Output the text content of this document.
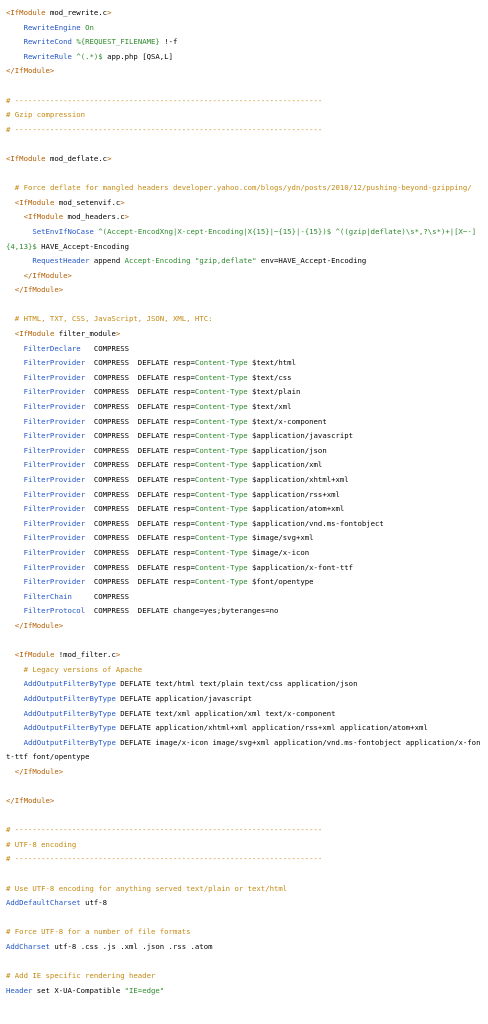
<IfModule mod_rewrite.c>
RewriteEngine On
RewriteCond %{REQUEST_FILENAME} !-f
RewriteRule ^(.*)$ app.php [QSA,L]
</IfModule>
# ----------------------------------------------------------------------
# Gzip compression
# ----------------------------------------------------------------------
<IfModule mod_deflate.c>
# Force deflate for mangled headers developer.yahoo.com/blogs/ydn/posts/2010/12/pushing-beyond-gzipping/
<IfModule mod_setenvif.c>
<IfModule mod_headers.c>
SetEnvIfNoCase ^(Accept-EncodXng|X-cept-Encoding|X{15}|~{15}|-{15})$ ^((gzip|deflate)\s*,?\s*)+|[X~-]{4,13}$ HAVE_Accept-Encoding
RequestHeader append Accept-Encoding "gzip,deflate" env=HAVE_Accept-Encoding
</IfModule>
</IfModule>
# HTML, TXT, CSS, JavaScript, JSON, XML, HTC:
<IfModule filter_module>
FilterDeclare   COMPRESS
FilterProvider  COMPRESS  DEFLATE resp=Content-Type $text/html
FilterProvider  COMPRESS  DEFLATE resp=Content-Type $text/css
FilterProvider  COMPRESS  DEFLATE resp=Content-Type $text/plain
FilterProvider  COMPRESS  DEFLATE resp=Content-Type $text/xml
FilterProvider  COMPRESS  DEFLATE resp=Content-Type $text/x-component
FilterProvider  COMPRESS  DEFLATE resp=Content-Type $application/javascript
FilterProvider  COMPRESS  DEFLATE resp=Content-Type $application/json
FilterProvider  COMPRESS  DEFLATE resp=Content-Type $application/xml
FilterProvider  COMPRESS  DEFLATE resp=Content-Type $application/xhtml+xml
FilterProvider  COMPRESS  DEFLATE resp=Content-Type $application/rss+xml
FilterProvider  COMPRESS  DEFLATE resp=Content-Type $application/atom+xml
FilterProvider  COMPRESS  DEFLATE resp=Content-Type $application/vnd.ms-fontobject
FilterProvider  COMPRESS  DEFLATE resp=Content-Type $image/svg+xml
FilterProvider  COMPRESS  DEFLATE resp=Content-Type $image/x-icon
FilterProvider  COMPRESS  DEFLATE resp=Content-Type $application/x-font-ttf
FilterProvider  COMPRESS  DEFLATE resp=Content-Type $font/opentype
FilterChain     COMPRESS
FilterProtocol  COMPRESS  DEFLATE change=yes;byteranges=no
</IfModule>
<IfModule !mod_filter.c>
# Legacy versions of Apache
AddOutputFilterByType DEFLATE text/html text/plain text/css application/json
AddOutputFilterByType DEFLATE application/javascript
AddOutputFilterByType DEFLATE text/xml application/xml text/x-component
AddOutputFilterByType DEFLATE application/xhtml+xml application/rss+xml application/atom+xml
AddOutputFilterByType DEFLATE image/x-icon image/svg+xml application/vnd.ms-fontobject application/x-font-ttf font/opentype
</IfModule>
</IfModule>
# ----------------------------------------------------------------------
# UTF-8 encoding
# ----------------------------------------------------------------------
# Use UTF-8 encoding for anything served text/plain or text/html
AddDefaultCharset utf-8
# Force UTF-8 for a number of file formats
AddCharset utf-8 .css .js .xml .json .rss .atom
# Add IE specific rendering header
Header set X-UA-Compatible "IE=edge"
